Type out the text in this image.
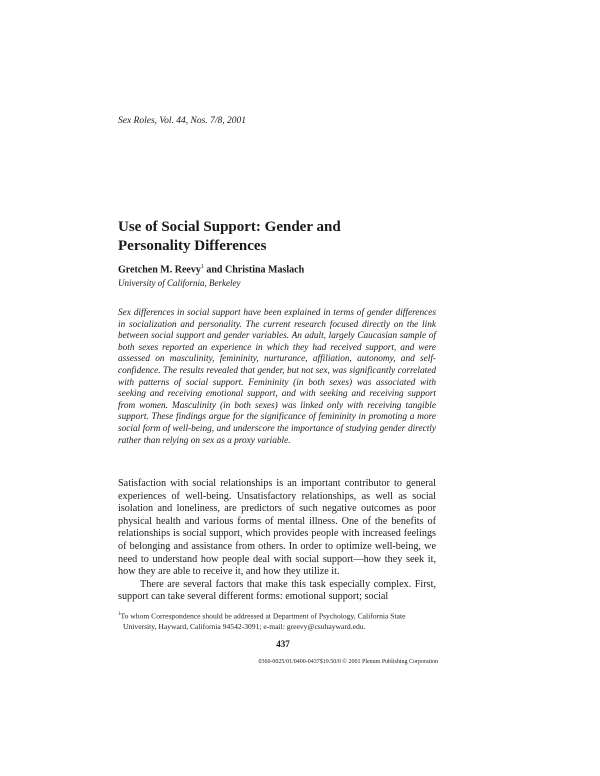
Sex Roles, Vol. 44, Nos. 7/8, 2001
Use of Social Support: Gender and
Personality Differences
Gretchen M. Reevy$^1$ and Christina Maslach
University of California, Berkeley
Sex differences in social support have been explained in terms of gender differences in socialization and personality. The current research focused directly on the link between social support and gender variables. An adult, largely Caucasian sample of both sexes reported an experience in which they had received support, and were assessed on masculinity, femininity, nurturance, affiliation, autonomy, and self-confidence. The results revealed that gender, but not sex, was significantly correlated with patterns of social support. Femininity (in both sexes) was associated with seeking and receiving emotional support, and with seeking and receiving support from women. Masculinity (in both sexes) was linked only with receiving tangible support. These findings argue for the significance of femininity in promoting a more social form of well-being, and underscore the importance of studying gender directly rather than relying on sex as a proxy variable.

Satisfaction with social relationships is an important contributor to general experiences of well-being. Unsatisfactory relationships, as well as social isolation and loneliness, are predictors of such negative outcomes as poor physical health and various forms of mental illness. One of the benefits of relationships is social support, which provides people with increased feelings of belonging and assistance from others. In order to optimize well-being, we need to understand how people deal with social support—how they seek it, how they are able to receive it, and how they utilize it.

There are several factors that make this task especially complex. First, support can take several different forms: emotional support; social

$^1$To whom Correspondence should be addressed at Department of Psychology, California State
University, Hayward, California 94542-3091; e-mail: greevy@csuhayward.edu.
437
0360-0025/01/0400-0437$19.50/0 © 2001 Plenum Publishing Corporation
